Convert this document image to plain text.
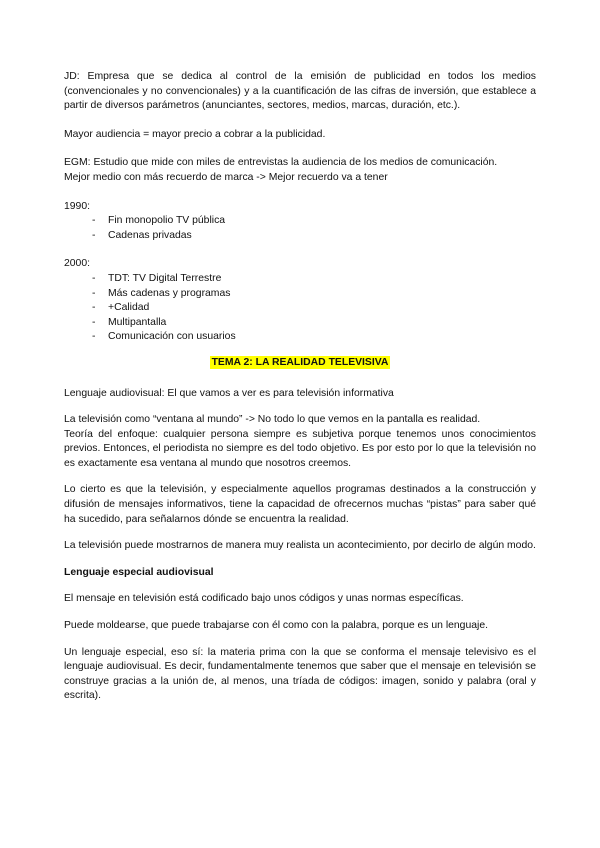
JD: Empresa que se dedica al control de la emisión de publicidad en todos los medios (convencionales y no convencionales) y a la cuantificación de las cifras de inversión, que establece a partir de diversos parámetros (anunciantes, sectores, medios, marcas, duración, etc.).

Mayor audiencia = mayor precio a cobrar a la publicidad.

EGM: Estudio que mide con miles de entrevistas la audiencia de los medios de comunicación.

Mejor medio con más recuerdo de marca -> Mejor recuerdo va a tener

1990:

- Fin monopolio TV pública
- Cadenas privadas

2000:

- TDT: TV Digital Terrestre
- Más cadenas y programas
- +Calidad
- Multipantalla
- Comunicación con usuarios

TEMA 2: LA REALIDAD TELEVISIVA

Lenguaje audiovisual: El que vamos a ver es para televisión informativa

La televisión como “ventana al mundo” -> No todo lo que vemos en la pantalla es realidad.

Teoría del enfoque: cualquier persona siempre es subjetiva porque tenemos unos conocimientos previos. Entonces, el periodista no siempre es del todo objetivo. Es por esto por lo que la televisión no es exactamente esa ventana al mundo que nosotros creemos.

Lo cierto es que la televisión, y especialmente aquellos programas destinados a la construcción y difusión de mensajes informativos, tiene la capacidad de ofrecernos muchas “pistas” para saber qué ha sucedido, para señalarnos dónde se encuentra la realidad.

La televisión puede mostrarnos de manera muy realista un acontecimiento, por decirlo de algún modo.

Lenguaje especial audiovisual

El mensaje en televisión está codificado bajo unos códigos y unas normas específicas.

Puede moldearse, que puede trabajarse con él como con la palabra, porque es un lenguaje.

Un lenguaje especial, eso sí: la materia prima con la que se conforma el mensaje televisivo es el lenguaje audiovisual. Es decir, fundamentalmente tenemos que saber que el mensaje en televisión se construye gracias a la unión de, al menos, una tríada de códigos: imagen, sonido y palabra (oral y escrita).
